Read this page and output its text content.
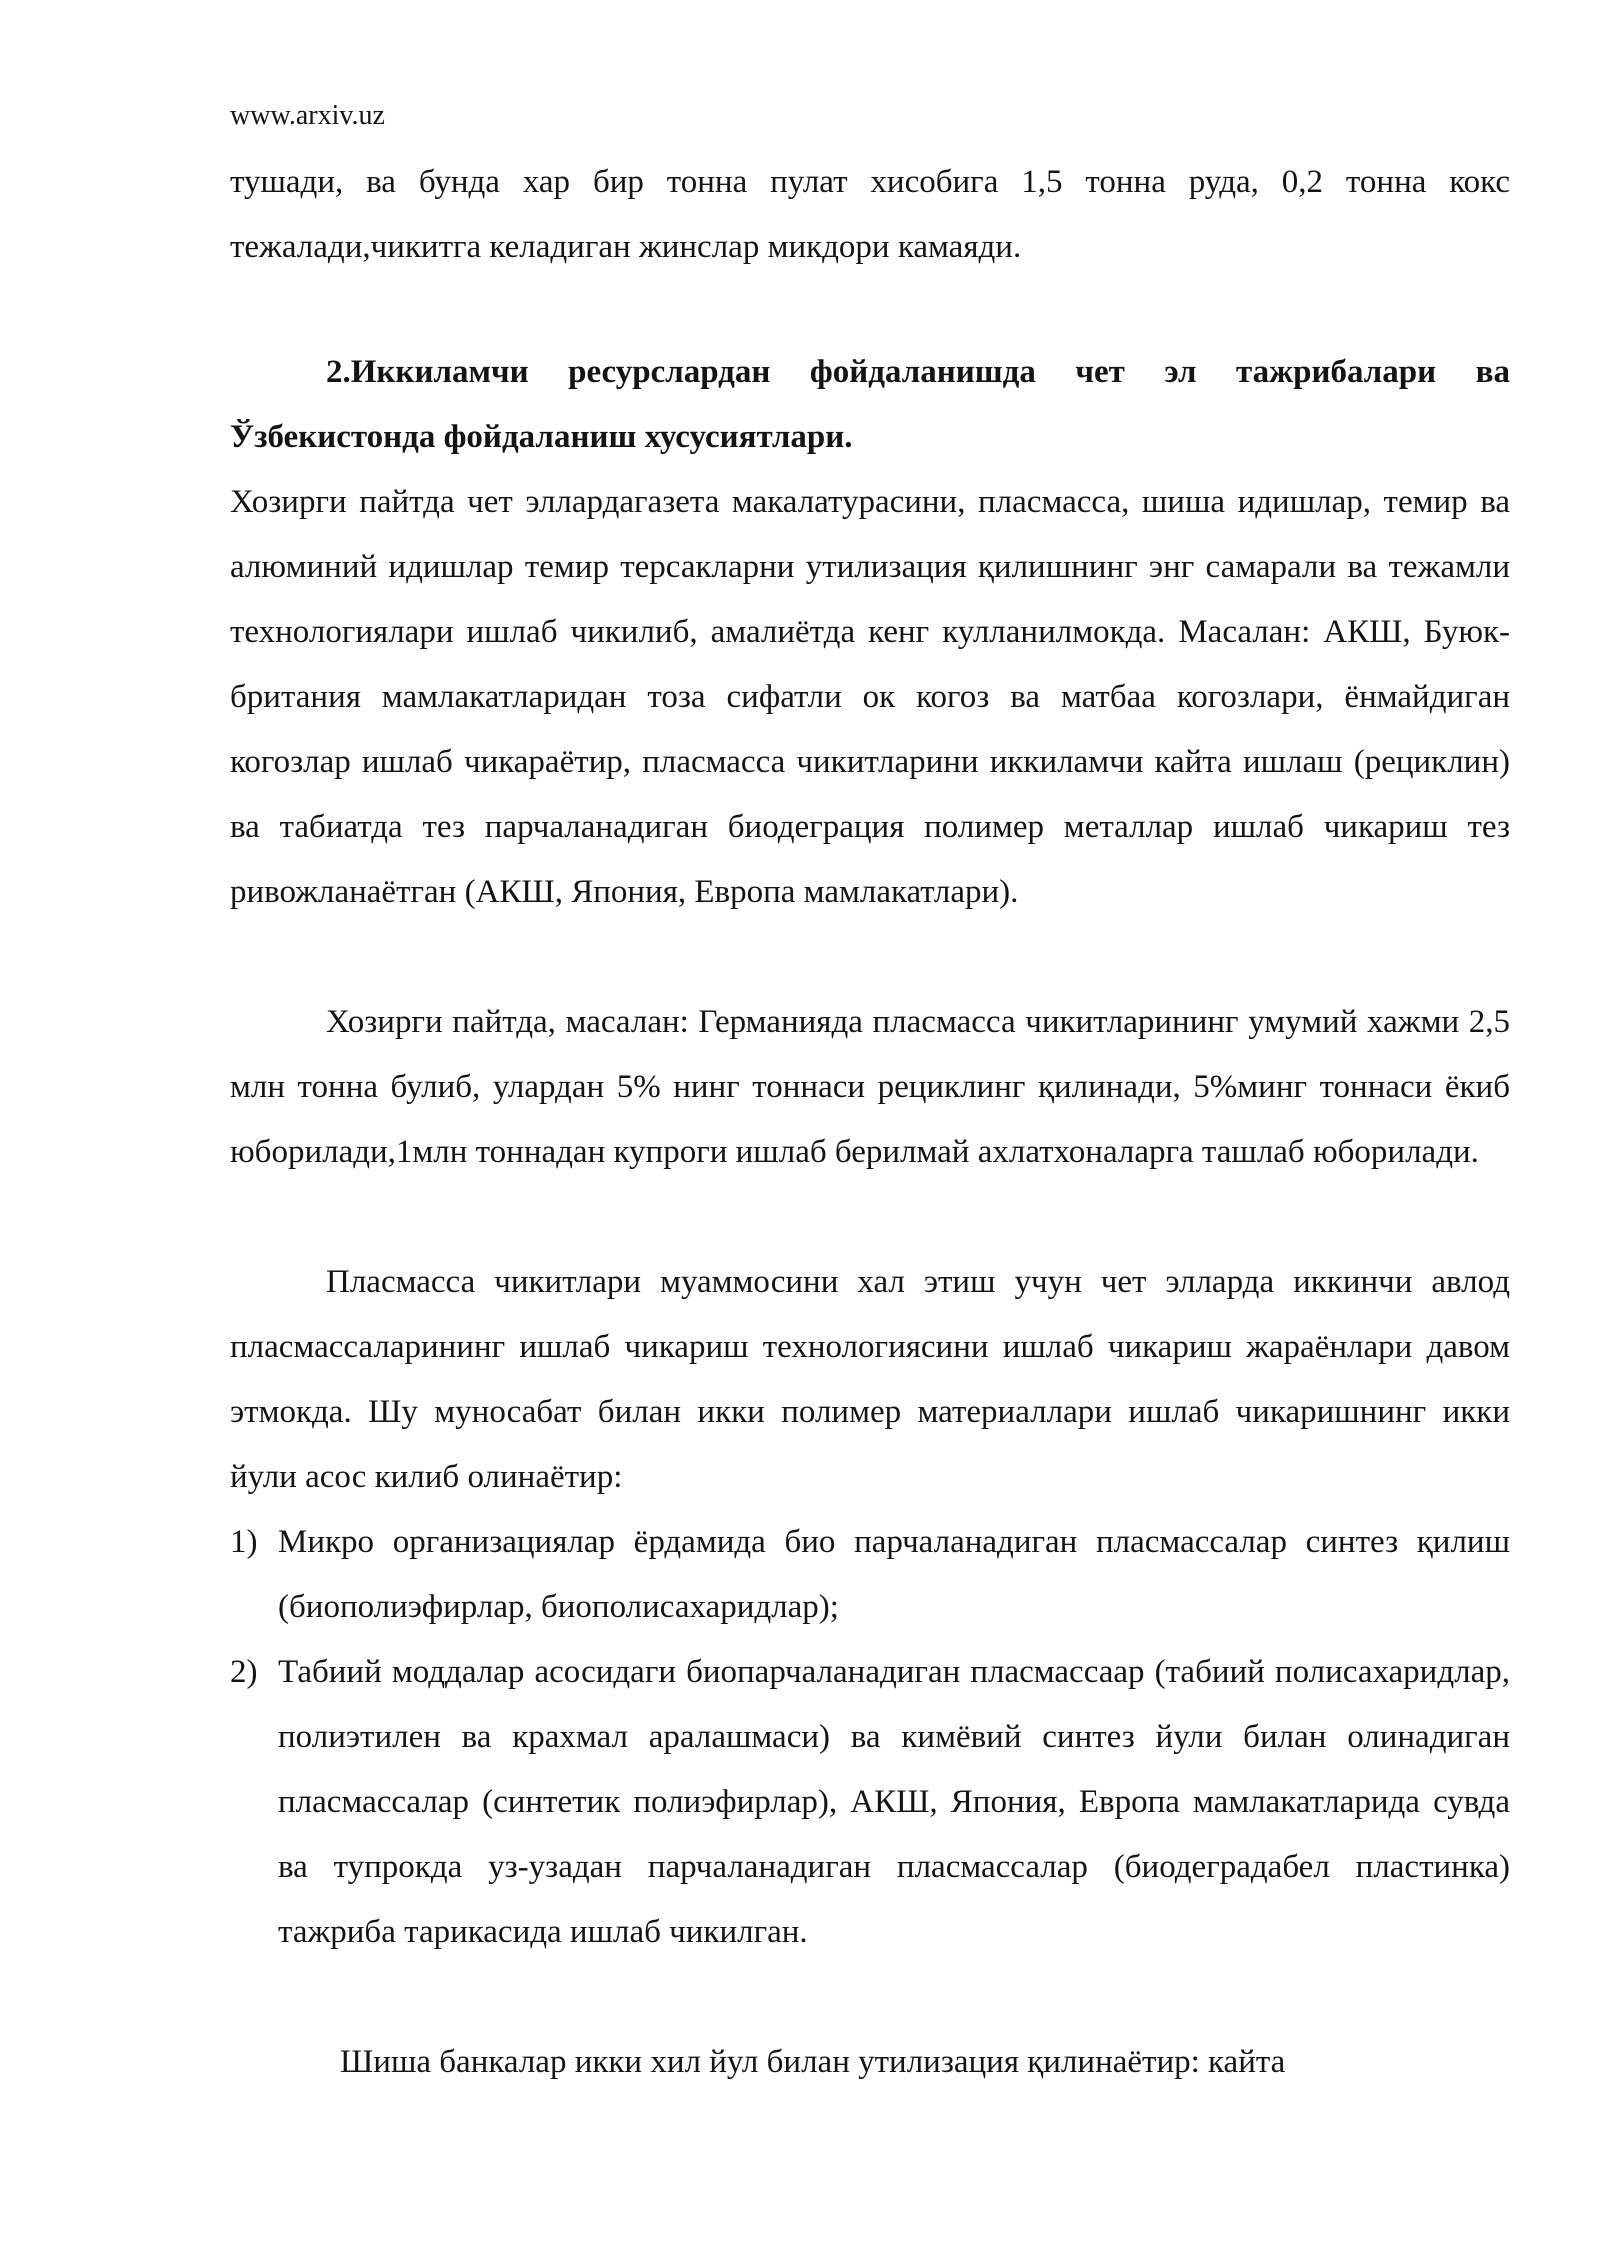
www.arxiv.uz

тушади, ва бунда хар бир тонна пулат хисобига 1,5 тонна руда, 0,2 тонна кокс тежалади,чикитга келадиган жинслар микдори камаяди.

2.Иккиламчи ресурслардан фойдаланишда чет эл тажрибалари ва Ўзбекистонда фойдаланиш хусусиятлари.

Хозирги пайтда чет эллардагазета макалатурасини, пласмасса, шиша идишлар, темир ва алюминий идишлар темир терсакларни утилизация қилишнинг энг самарали ва тежамли технологиялари ишлаб чикилиб, амалиётда кенг кулланилмокда. Масалан: АКШ, Буюк-британия мамлакатларидан тоза сифатли ок когоз ва матбаа когозлари, ёнмайдиган когозлар ишлаб чикараётир, пласмасса чикитларини иккиламчи кайта ишлаш (рециклин) ва табиатда тез парчаланадиган биодеграция полимер металлар ишлаб чикариш тез ривожланаётган (АКШ, Япония, Европа мамлакатлари).

Хозирги пайтда, масалан: Германияда пласмасса чикитларининг умумий хажми 2,5 млн тонна булиб, улардан 5% нинг тоннаси рециклинг қилинади, 5%минг тоннаси ёкиб юборилади,1млн тоннадан купроги ишлаб берилмай ахлатхоналарга ташлаб юборилади.

Пласмасса чикитлари муаммосини хал этиш учун чет элларда иккинчи авлод пласмассаларининг ишлаб чикариш технологиясини ишлаб чикариш жараёнлари давом этмокда. Шу муносабат билан икки полимер материаллари ишлаб чикаришнинг икки йули асос килиб олинаётир:

1) Микро организациялар ёрдамида био парчаланадиган пласмассалар синтез қилиш (биополиэфирлар, биополисахаридлар);
2) Табиий моддалар асосидаги биопарчаланадиган пласмассаар (табиий полисахаридлар, полиэтилен ва крахмал аралашмаси) ва кимёвий синтез йули билан олинадиган пласмассалар (синтетик полиэфирлар), АКШ, Япония, Европа мамлакатларида сувда ва тупрокда уз-узадан парчаланадиган пласмассалар (биодеградабел пластинка) тажриба тарикасида ишлаб чикилган.

Шиша банкалар икки хил йул билан утилизация қилинаётир: кайта
